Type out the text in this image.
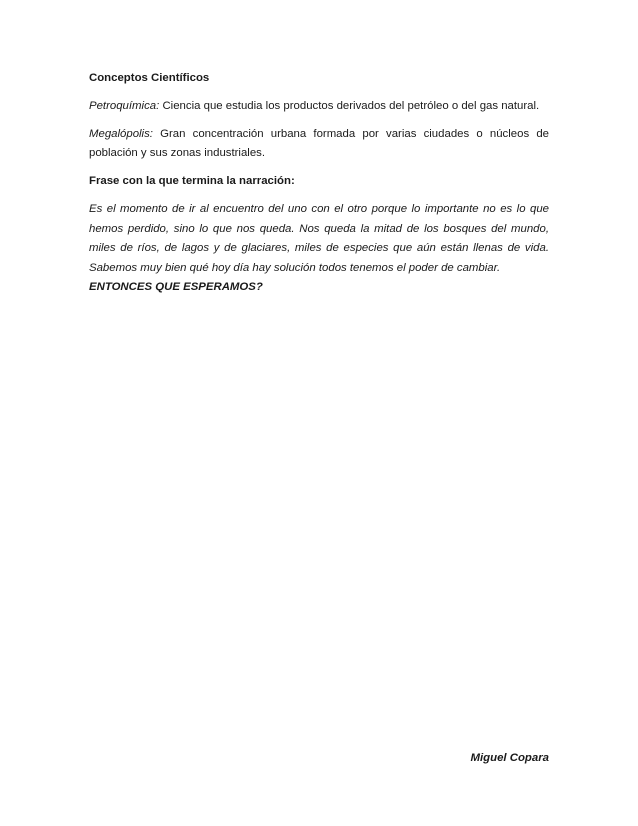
Conceptos Científicos

Petroquímica: Ciencia que estudia los productos derivados del petróleo o del gas natural.

Megalópolis: Gran concentración urbana formada por varias ciudades o núcleos de población y sus zonas industriales.

Frase con la que termina la narración:

Es el momento de ir al encuentro del uno con el otro porque lo importante no es lo que hemos perdido, sino lo que nos queda. Nos queda la mitad de los bosques del mundo, miles de ríos, de lagos y de glaciares, miles de especies que aún están llenas de vida. Sabemos muy bien qué hoy día hay solución todos tenemos el poder de cambiar.

ENTONCES QUE ESPERAMOS?
Miguel Copara
